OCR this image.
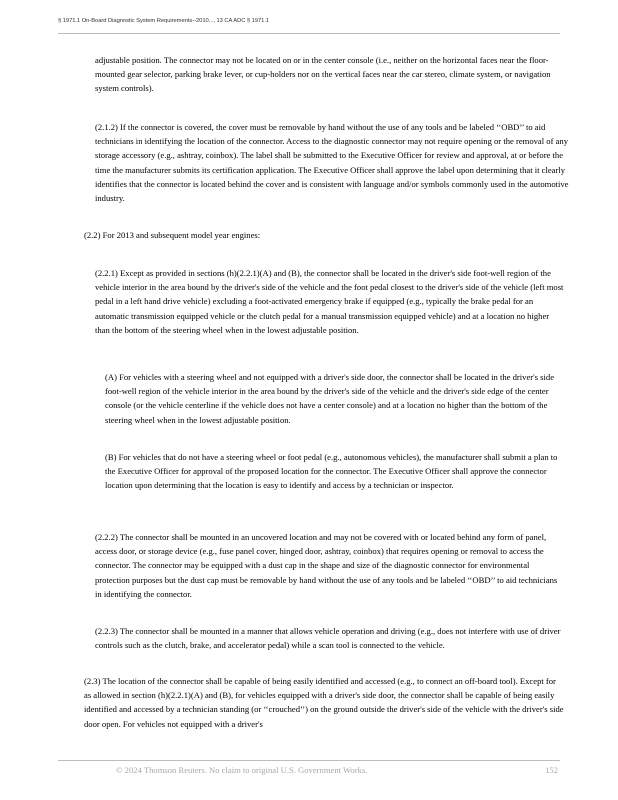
§ 1971.1 On-Board Diagnostic System Requirements--2010..., 13 CA ADC § 1971.1

adjustable position. The connector may not be located on or in the center console (i.e., neither on the horizontal faces near the floor-mounted gear selector, parking brake lever, or cup-holders nor on the vertical faces near the car stereo, climate system, or navigation system controls).

(2.1.2) If the connector is covered, the cover must be removable by hand without the use of any tools and be labeled ‘‘OBD’’ to aid technicians in identifying the location of the connector. Access to the diagnostic connector may not require opening or the removal of any storage accessory (e.g., ashtray, coinbox). The label shall be submitted to the Executive Officer for review and approval, at or before the time the manufacturer submits its certification application. The Executive Officer shall approve the label upon determining that it clearly identifies that the connector is located behind the cover and is consistent with language and/or symbols commonly used in the automotive industry.

(2.2) For 2013 and subsequent model year engines:

(2.2.1) Except as provided in sections (h)(2.2.1)(A) and (B), the connector shall be located in the driver's side foot-well region of the vehicle interior in the area bound by the driver's side of the vehicle and the foot pedal closest to the driver's side of the vehicle (left most pedal in a left hand drive vehicle) excluding a foot-activated emergency brake if equipped (e.g., typically the brake pedal for an automatic transmission equipped vehicle or the clutch pedal for a manual transmission equipped vehicle) and at a location no higher than the bottom of the steering wheel when in the lowest adjustable position.

(A) For vehicles with a steering wheel and not equipped with a driver's side door, the connector shall be located in the driver's side foot-well region of the vehicle interior in the area bound by the driver's side of the vehicle and the driver's side edge of the center console (or the vehicle centerline if the vehicle does not have a center console) and at a location no higher than the bottom of the steering wheel when in the lowest adjustable position.

(B) For vehicles that do not have a steering wheel or foot pedal (e.g., autonomous vehicles), the manufacturer shall submit a plan to the Executive Officer for approval of the proposed location for the connector. The Executive Officer shall approve the connector location upon determining that the location is easy to identify and access by a technician or inspector.

(2.2.2) The connector shall be mounted in an uncovered location and may not be covered with or located behind any form of panel, access door, or storage device (e.g., fuse panel cover, hinged door, ashtray, coinbox) that requires opening or removal to access the connector. The connector may be equipped with a dust cap in the shape and size of the diagnostic connector for environmental protection purposes but the dust cap must be removable by hand without the use of any tools and be labeled ‘‘OBD’’ to aid technicians in identifying the connector.

(2.2.3) The connector shall be mounted in a manner that allows vehicle operation and driving (e.g., does not interfere with use of driver controls such as the clutch, brake, and accelerator pedal) while a scan tool is connected to the vehicle.

(2.3) The location of the connector shall be capable of being easily identified and accessed (e.g., to connect an off-board tool). Except for as allowed in section (h)(2.2.1)(A) and (B), for vehicles equipped with a driver's side door, the connector shall be capable of being easily identified and accessed by a technician standing (or ‘‘crouched’’) on the ground outside the driver's side of the vehicle with the driver's side door open. For vehicles not equipped with a driver's

© 2024 Thomson Reuters. No claim to original U.S. Government Works.	152
